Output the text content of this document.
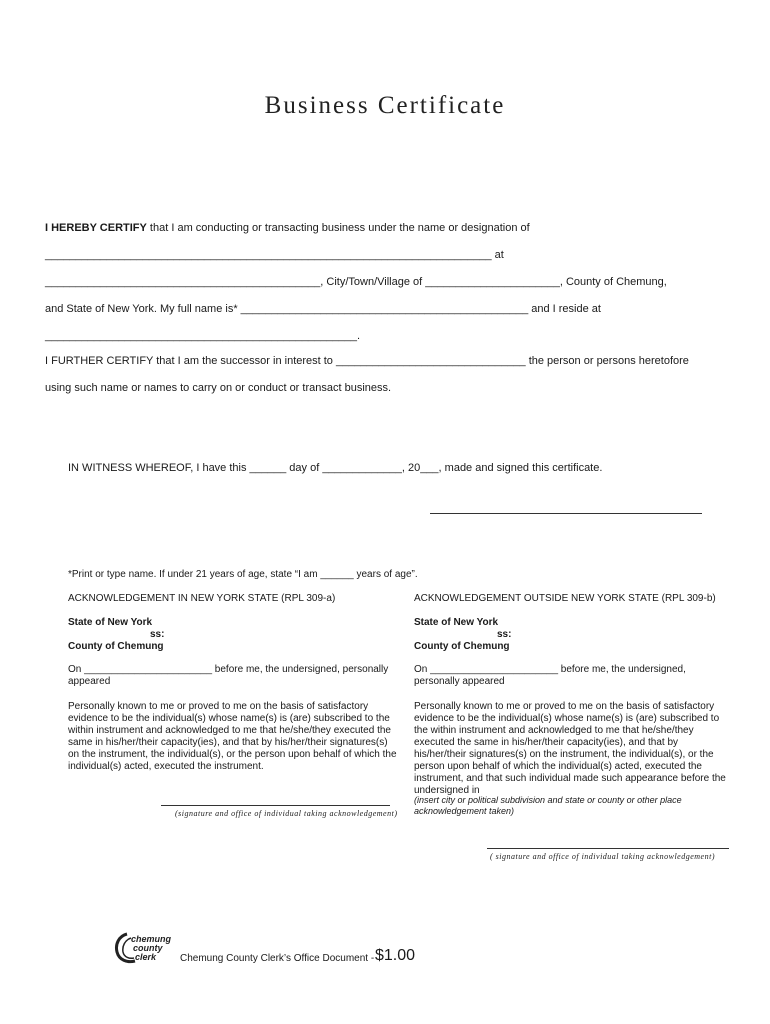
Business Certificate
I HEREBY CERTIFY that I am conducting or transacting business under the name or designation of
_________________________________________________________________________ at
_____________________________________________, City/Town/Village of ______________________, County of Chemung,
and State of New York. My full name is* _______________________________________________ and I reside at
___________________________________________________.
I FURTHER CERTIFY that I am the successor in interest to _______________________________ the person or persons heretofore
using such name or names to carry on or conduct or transact business.
IN WITNESS WHEREOF, I have this ______ day of _____________, 20___, made and signed this certificate.
*Print or type name. If under 21 years of age, state “I am ______ years of age”.
ACKNOWLEDGEMENT IN NEW YORK STATE (RPL 309-a)
State of New York
ss:
County of Chemung
On _______________________ before me, the undersigned, personally appeared
Personally known to me or proved to me on the basis of satisfactory evidence to be the individual(s) whose name(s) is (are) subscribed to the within instrument and acknowledged to me that he/she/they executed the same in his/her/their capacity(ies), and that by his/her/their signatures(s) on the instrument, the individual(s), or the person upon behalf of which the individual(s) acted, executed the instrument.
(signature and office of individual taking acknowledgement)
ACKNOWLEDGEMENT OUTSIDE NEW YORK STATE (RPL 309-b)
State of New York
ss:
County of Chemung
On _______________________ before me, the undersigned, personally appeared
Personally known to me or proved to me on the basis of satisfactory evidence to be the individual(s) whose name(s) is (are) subscribed to the within instrument and acknowledged to me that he/she/they executed the same in his/her/their capacity(ies), and that by his/her/their signatures(s) on the instrument, the individual(s), or the person upon behalf of which the individual(s) acted, executed the instrument, and that such individual made such appearance before the undersigned in
(insert city or political subdivision and state or county or other place acknowledgement taken)
( signature and office of individual taking acknowledgement)
chemung
county
clerk Chemung County Clerk’s Office Document - $1.00
